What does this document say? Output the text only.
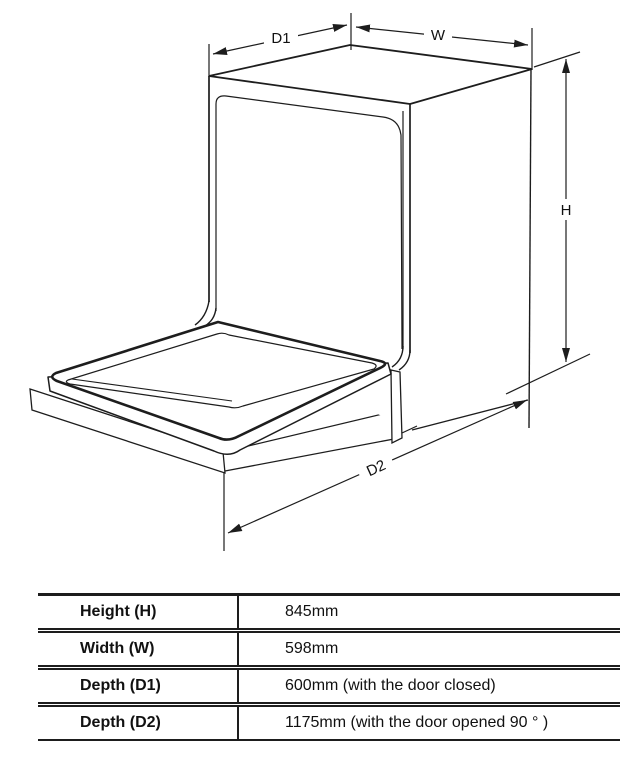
D1	W
H
D2
Height (H)	845mm
Width (W)	598mm
Depth (D1)	600mm (with the door closed)
Depth (D2)	1175mm (with the door opened 90 ° )
